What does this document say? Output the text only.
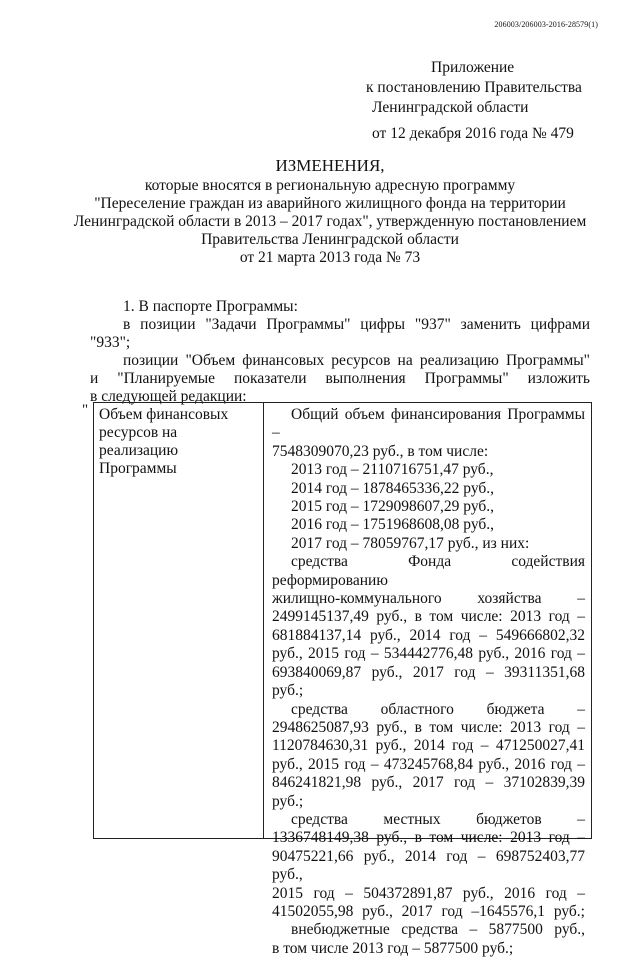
206003/206003-2016-28579(1)
Приложение
к постановлению Правительства
Ленинградской области
от 12 декабря 2016 года № 479
ИЗМЕНЕНИЯ,
которые вносятся в региональную адресную программу
"Переселение граждан из аварийного жилищного фонда на территории
Ленинградской области в 2013 – 2017 годах", утвержденную постановлением
Правительства Ленинградской области
от 21 марта 2013 года № 73

1. В паспорте Программы:

в позиции "Задачи Программы" цифры "937" заменить цифрами "933";

позиции "Объем финансовых ресурсов на реализацию Программы"

и "Планируемые показатели выполнения Программы" изложить

в следующей редакции:

" Объем финансовых
ресурсов на
реализацию Программы

Общий объем финансирования Программы –

7548309070,23 руб., в том числе:

2013 год – 2110716751,47 руб.,

2014 год – 1878465336,22 руб.,

2015 год – 1729098607,29 руб.,

2016 год – 1751968608,08 руб.,

2017 год – 78059767,17 руб., из них:

средства Фонда содействия реформированию

жилищно-коммунального хозяйства –

2499145137,49 руб., в том числе: 2013 год –

681884137,14 руб., 2014 год – 549666802,32

руб., 2015 год – 534442776,48 руб., 2016 год –

693840069,87 руб., 2017 год – 39311351,68 руб.;

средства областного бюджета –

2948625087,93 руб., в том числе: 2013 год –

1120784630,31 руб., 2014 год – 471250027,41

руб., 2015 год – 473245768,84 руб., 2016 год –

846241821,98 руб., 2017 год – 37102839,39 руб.;

средства местных бюджетов –

1336748149,38 руб., в том числе: 2013 год –

90475221,66 руб., 2014 год – 698752403,77 руб.,

2015 год – 504372891,87 руб., 2016 год –

41502055,98 руб., 2017 год –1645576,1 руб.;

внебюджетные средства – 5877500 руб.,

в том числе 2013 год – 5877500 руб.;
